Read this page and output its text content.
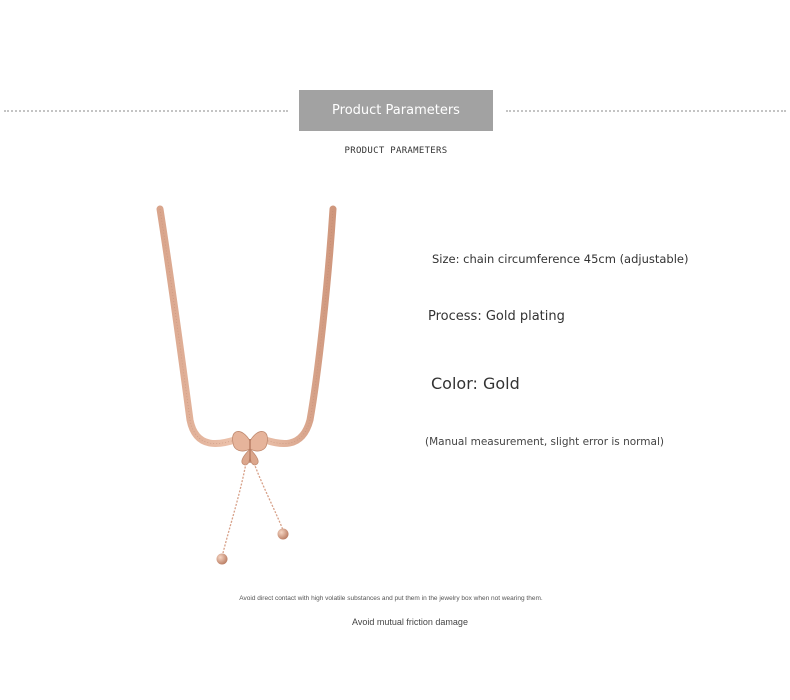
Product Parameters
PRODUCT PARAMETERS
Size: chain circumference 45cm (adjustable)
Process: Gold plating
Color: Gold
(Manual measurement, slight error is normal)
Avoid direct contact with high volatile substances and put them in the jewelry box when not wearing them.
Avoid mutual friction damage
